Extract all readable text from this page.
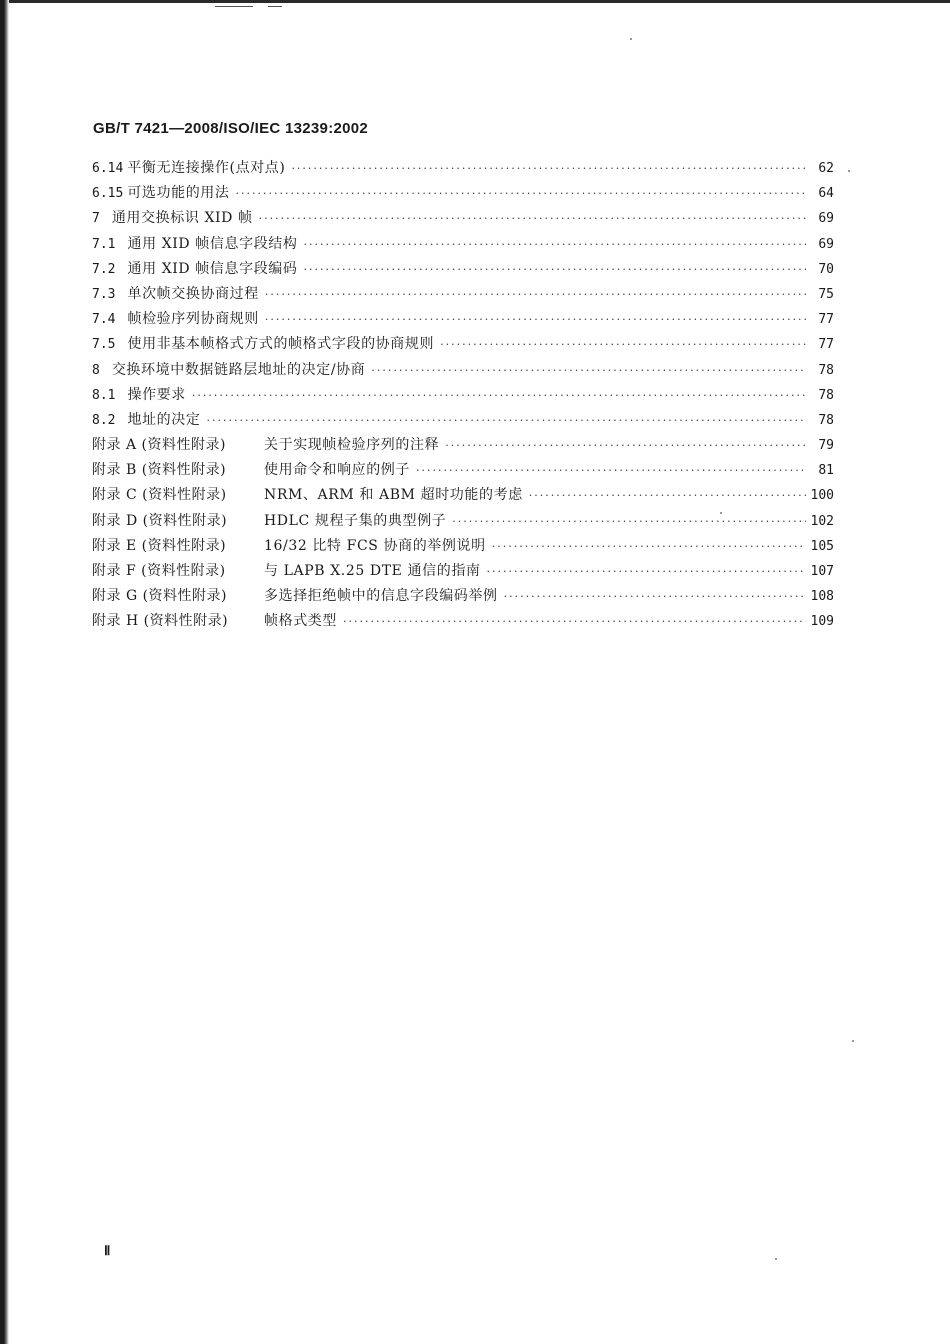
GB/T 7421—2008/ISO/IEC 13239:2002
6.14 平衡无连接操作(点对点) ·····	62
6.15 可选功能的用法 ·····	64
7 通用交换标识 XID 帧 ·····	69
7.1 通用 XID 帧信息字段结构 ·····	69
7.2 通用 XID 帧信息字段编码 ·····	70
7.3 单次帧交换协商过程 ·····	75
7.4 帧检验序列协商规则 ·····	77
7.5 使用非基本帧格式方式的帧格式字段的协商规则 ·····	77
8 交换环境中数据链路层地址的决定/协商 ·····	78
8.1 操作要求 ·····	78
8.2 地址的决定 ·····	78
附录 A (资料性附录)	关于实现帧检验序列的注释 ·····	79
附录 B (资料性附录)	使用命令和响应的例子 ·····	81
附录 C (资料性附录)	NRM、ARM 和 ABM 超时功能的考虑 ·····	100
附录 D (资料性附录)	HDLC 规程子集的典型例子 ·····	102
附录 E (资料性附录)	16/32 比特 FCS 协商的举例说明 ·····	105
附录 F (资料性附录)	与 LAPB X.25 DTE 通信的指南 ·····	107
附录 G (资料性附录)	多选择拒绝帧中的信息字段编码举例 ·····	108
附录 H (资料性附录)	帧格式类型 ·····	109
Ⅱ
